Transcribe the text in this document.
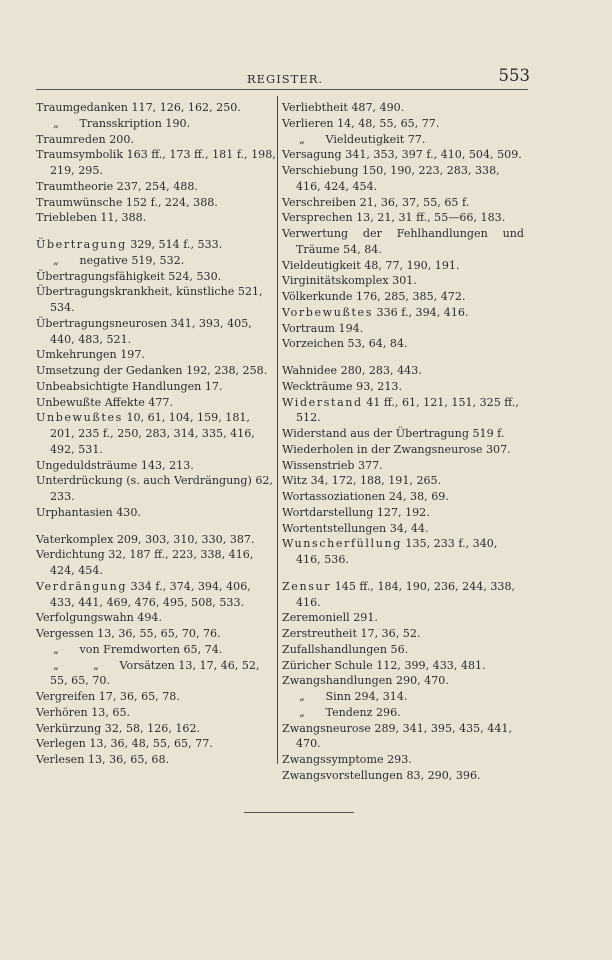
REGISTER.	553
Traumgedanken 117, 126, 162, 250.
„ Transskription 190.
Traumreden 200.
Traumsymbolik 163 ff., 173 ff., 181 f., 198, 219, 295.
Traumtheorie 237, 254, 488.
Traumwünsche 152 f., 224, 388.
Triebleben 11, 388.
Übertragung 329, 514 f., 533.
„ negative 519, 532.
Übertragungsfähigkeit 524, 530.
Übertragungskrankheit, künstliche 521, 534.
Übertragungsneurosen 341, 393, 405, 440, 483, 521.
Umkehrungen 197.
Umsetzung der Gedanken 192, 238, 258.
Unbeabsichtigte Handlungen 17.
Unbewußte Affekte 477.
Unbewußtes 10, 61, 104, 159, 181, 201, 235 f., 250, 283, 314, 335, 416, 492, 531.
Ungeduldsträume 143, 213.
Unterdrückung (s. auch Verdrängung) 62, 233.
Urphantasien 430.
Vaterkomplex 209, 303, 310, 330, 387.
Verdichtung 32, 187 ff., 223, 338, 416, 424, 454.
Verdrängung 334 f., 374, 394, 406, 433, 441, 469, 476, 495, 508, 533.
Verfolgungswahn 494.
Vergessen 13, 36, 55, 65, 70, 76.
„ von Fremdworten 65, 74.
„	„ Vorsätzen 13, 17, 46, 52, 55, 65, 70.
Vergreifen 17, 36, 65, 78.
Verhören 13, 65.
Verkürzung 32, 58, 126, 162.
Verlegen 13, 36, 48, 55, 65, 77.
Verlesen 13, 36, 65, 68.
Verliebtheit 487, 490.
Verlieren 14, 48, 55, 65, 77.
„ Vieldeutigkeit 77.
Versagung 341, 353, 397 f., 410, 504, 509.
Verschiebung 150, 190, 223, 283, 338, 416, 424, 454.
Verschreiben 21, 36, 37, 55, 65 f.
Versprechen 13, 21, 31 ff., 55—66, 183.
Verwertung der Fehlhandlungen und
Träume 54, 84.
Vieldeutigkeit 48, 77, 190, 191.
Virginitätskomplex 301.
Völkerkunde 176, 285, 385, 472.
Vorbewußtes 336 f., 394, 416.
Vortraum 194.
Vorzeichen 53, 64, 84.
Wahnidee 280, 283, 443.
Weckträume 93, 213.
Widerstand 41 ff., 61, 121, 151, 325 ff., 512.
Widerstand aus der Übertragung 519 f.
Wiederholen in der Zwangsneurose 307.
Wissenstrieb 377.
Witz 34, 172, 188, 191, 265.
Wortassoziationen 24, 38, 69.
Wortdarstellung 127, 192.
Wortentstellungen 34, 44.
Wunscherfüllung 135, 233 f., 340, 416, 536.
Zensur 145 ff., 184, 190, 236, 244, 338, 416.
Zeremoniell 291.
Zerstreutheit 17, 36, 52.
Zufallshandlungen 56.
Züricher Schule 112, 399, 433, 481.
Zwangshandlungen 290, 470.
„ Sinn 294, 314.
„ Tendenz 296.
Zwangsneurose 289, 341, 395, 435, 441, 470.
Zwangssymptome 293.
Zwangsvorstellungen 83, 290, 396.
